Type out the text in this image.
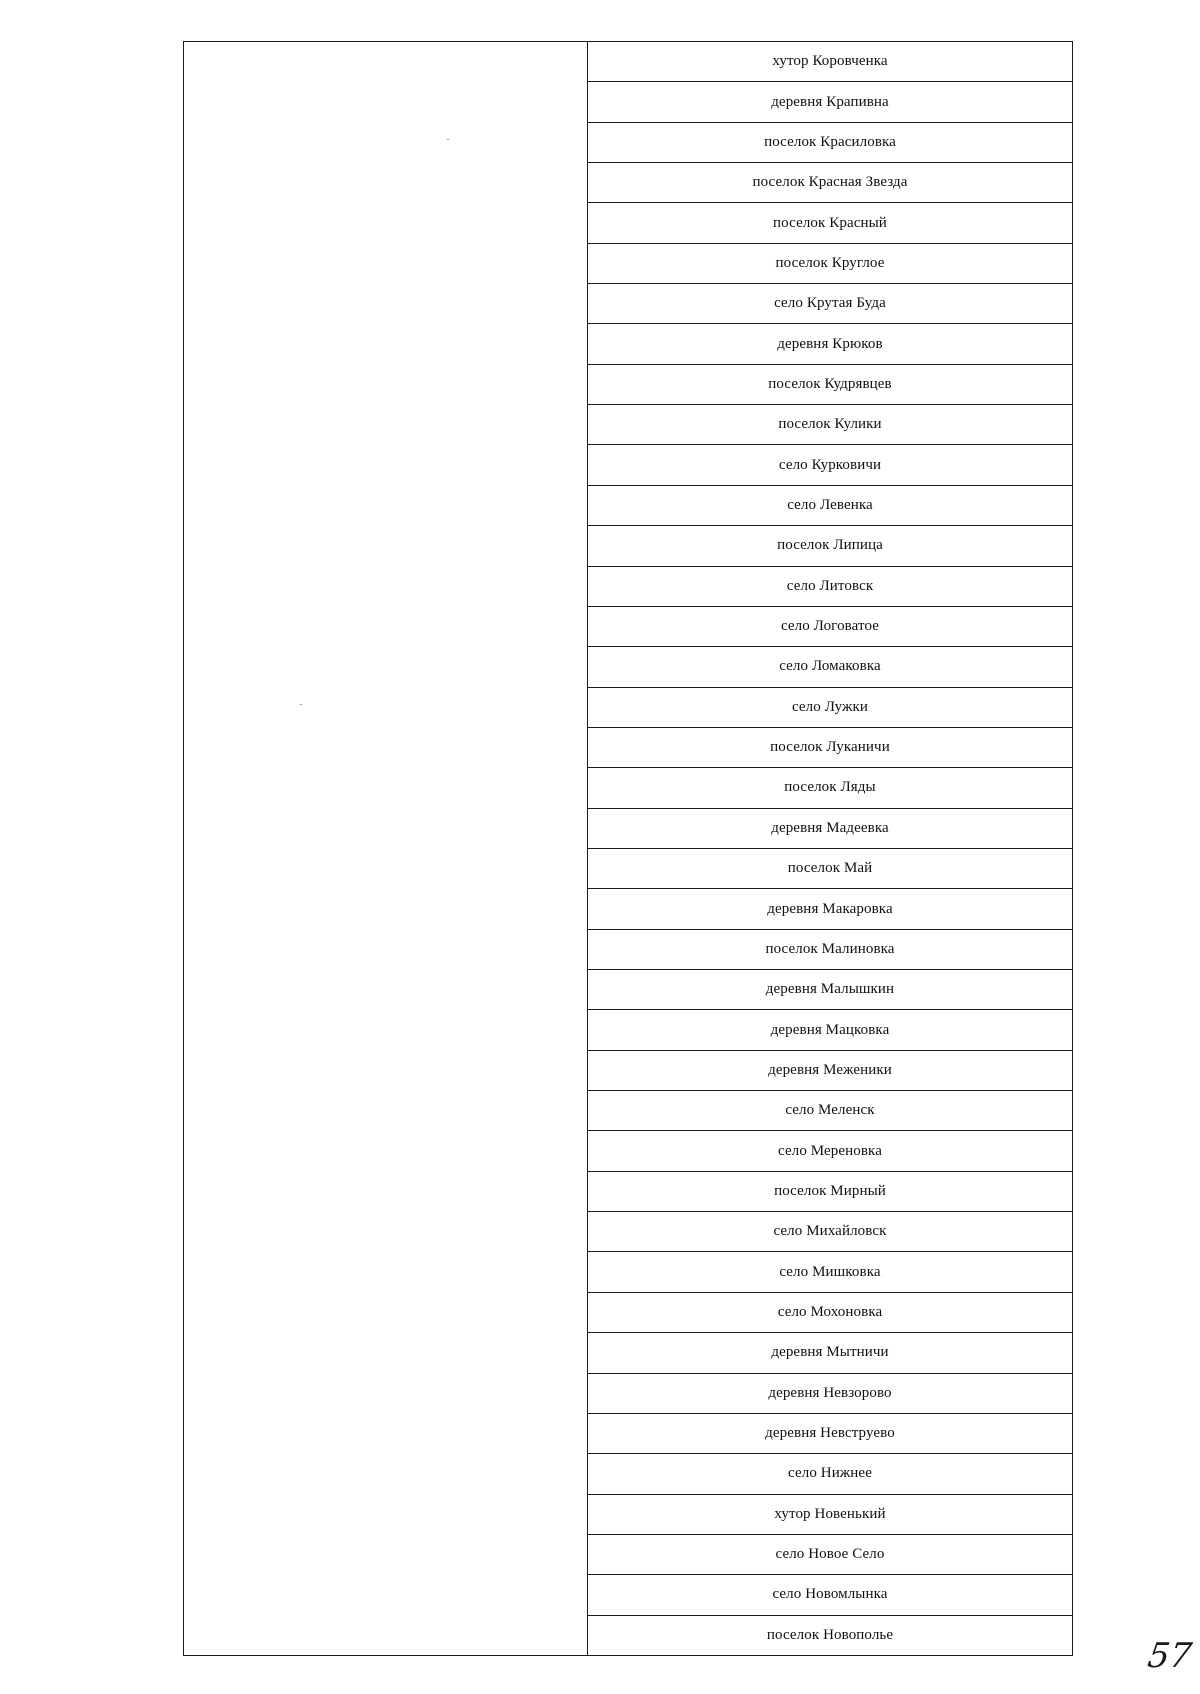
хутор Коровченка
деревня Крапивна
поселок Красиловка
поселок Красная Звезда
поселок Красный
поселок Круглое
село Крутая Буда
деревня Крюков
поселок Кудрявцев
поселок Кулики
село Курковичи
село Левенка
поселок Липица
село Литовск
село Логоватое
село Ломаковка
село Лужки
поселок Луканичи
поселок Ляды
деревня Мадеевка
поселок Май
деревня Макаровка
поселок Малиновка
деревня Малышкин
деревня Мацковка
деревня Меженики
село Меленск
село Мереновка
поселок Мирный
село Михайловск
село Мишковка
село Мохоновка
деревня Мытничи
деревня Невзорово
деревня Невструево
село Нижнее
хутор Новенький
село Новое Село
село Новомлынка
поселок Новополье
57
